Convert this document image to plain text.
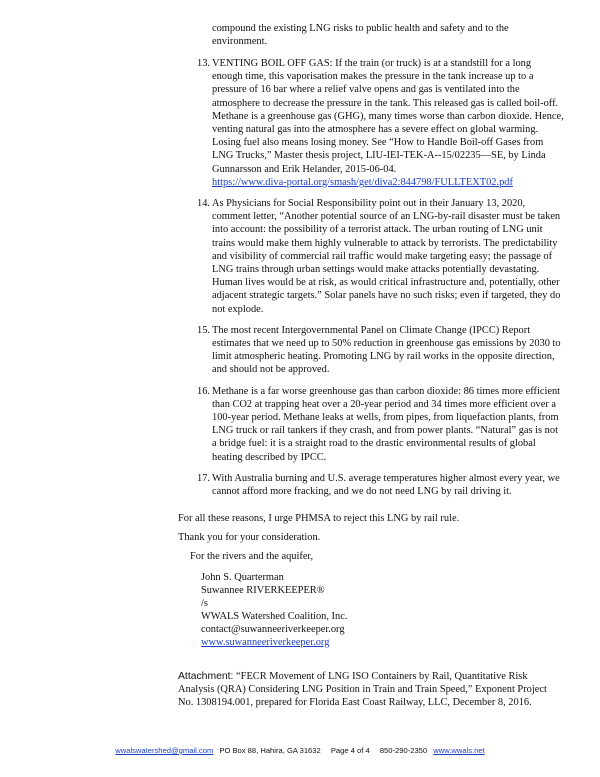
compound the existing LNG risks to public health and safety and to the environment.

13. VENTING BOIL OFF GAS: If the train (or truck) is at a standstill for a long enough time, this vaporisation makes the pressure in the tank increase up to a pressure of 16 bar where a relief valve opens and gas is ventilated into the atmosphere to decrease the pressure in the tank. This released gas is called boil-off. Methane is a greenhouse gas (GHG), many times worse than carbon dioxide. Hence, venting natural gas into the atmosphere has a severe effect on global warming. Losing fuel also means losing money. See “How to Handle Boil-off Gases from LNG Trucks,” Master thesis project, LIU-IEI-TEK-A--15/02235—SE, by Linda Gunnarsson and Erik Helander, 2015-06-04.
https://www.diva-portal.org/smash/get/diva2:844798/FULLTEXT02.pdf
14. As Physicians for Social Responsibility point out in their January 13, 2020, comment letter, “Another potential source of an LNG-by-rail disaster must be taken into account: the possibility of a terrorist attack. The urban routing of LNG unit trains would make them highly vulnerable to attack by terrorists. The predictability and visibility of commercial rail traffic would make targeting easy; the passage of LNG trains through urban settings would make attacks potentially devastating. Human lives would be at risk, as would critical infrastructure and, potentially, other adjacent strategic targets.” Solar panels have no such risks; even if targeted, they do not explode.
15. The most recent Intergovernmental Panel on Climate Change (IPCC) Report estimates that we need up to 50% reduction in greenhouse gas emissions by 2030 to limit atmospheric heating. Promoting LNG by rail works in the opposite direction, and should not be approved.
16. Methane is a far worse greenhouse gas than carbon dioxide: 86 times more efficient than CO2 at trapping heat over a 20-year period and 34 times more efficient over a 100-year period. Methane leaks at wells, from pipes, from liquefaction plants, from LNG truck or rail tankers if they crash, and from power plants. “Natural” gas is not a bridge fuel: it is a straight road to the drastic environmental results of global heating described by IPCC.
17. With Australia burning and U.S. average temperatures higher almost every year, we cannot afford more fracking, and we do not need LNG by rail driving it.

For all these reasons, I urge PHMSA to reject this LNG by rail rule.

Thank you for your consideration.

For the rivers and the aquifer,

John S. Quarterman
Suwannee RIVERKEEPER®
/s
WWALS Watershed Coalition, Inc.
contact@suwanneeriverkeeper.org
www.suwanneeriverkeeper.org

Attachment: “FECR Movement of LNG ISO Containers by Rail, Quantitative Risk Analysis (QRA) Considering LNG Position in Train and Train Speed,” Exponent Project No. 1308194.001, prepared for Florida East Coast Railway, LLC, December 8, 2016.

wwalswatershed@gmail.com PO Box 88, Hahira, GA 31632 Page 4 of 4 850-290-2350 www.wwals.net
